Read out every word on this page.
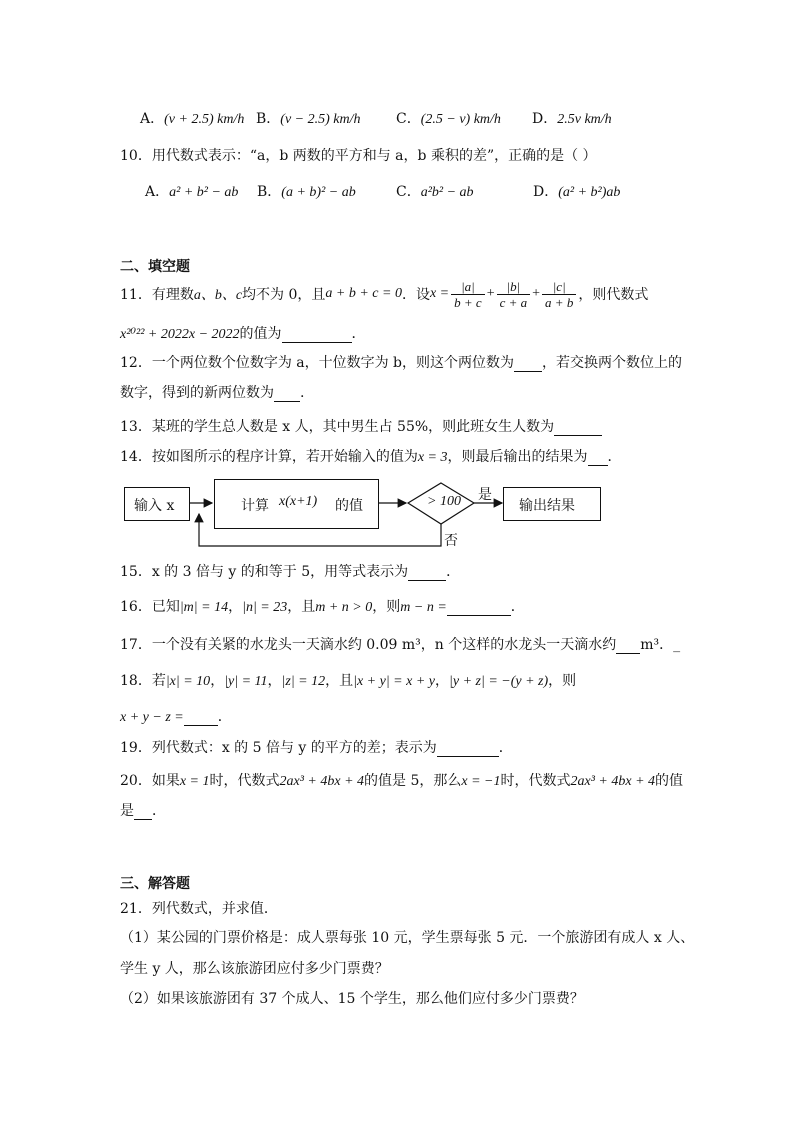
A．(v + 2.5) km/h B．(v − 2.5) km/h	C．(2.5 − v) km/h D．2.5v km/h
10．用代数式表示：“a，b 两数的平方和与 a，b 乘积的差”，正确的是（ ）
A．a² + b² − ab B．(a + b)² − ab	C．a²b² − ab	D．(a² + b²)ab
二、填空题
11．有理数 a、b、c 均不为 0，且 a + b + c = 0 ．设 $x = \frac{|a|}{b + c} + \frac{|b|}{c + a} + \frac{|c|}{a + b}$ ，则代数式
x²⁰²² + 2022x − 2022的值为	．
12．一个两位数个位数字为 a，十位数字为 b，则这个两位数为 ，若交换两个数位上的
数字，得到的新两位数为 .
13．某班的学生总人数是 x 人，其中男生占 55%，则此班女生人数为
14．按如图所示的程序计算，若开始输入的值为x = 3，则最后输出的结果为 ．
输入 x	计算 x(x+1) 的值	> 100 是
否
输出结果
15．x 的 3 倍与 y 的和等于 5，用等式表示为	．
16．已知|m| = 14，|n| = 23，且m + n > 0，则m − n =	．
17．一个没有关紧的水龙头一天滴水约 0.09 m³，n 个这样的水龙头一天滴水约 m³．_
18．若|x| = 10，|y| = 11，|z| = 12，且|x + y| = x + y，|y + z| = −(y + z)，则
x + y − z = ．
19．列代数式：x 的 5 倍与 y 的平方的差；表示为	．
20．如果x = 1时，代数式2ax³ + 4bx + 4的值是 5，那么x = −1时，代数式2ax³ + 4bx + 4的值
是 ．
三、解答题
21．列代数式，并求值．
（1）某公园的门票价格是：成人票每张 10 元，学生票每张 5 元．一个旅游团有成人 x 人、
学生 y 人，那么该旅游团应付多少门票费？
（2）如果该旅游团有 37 个成人、15 个学生，那么他们应付多少门票费？
